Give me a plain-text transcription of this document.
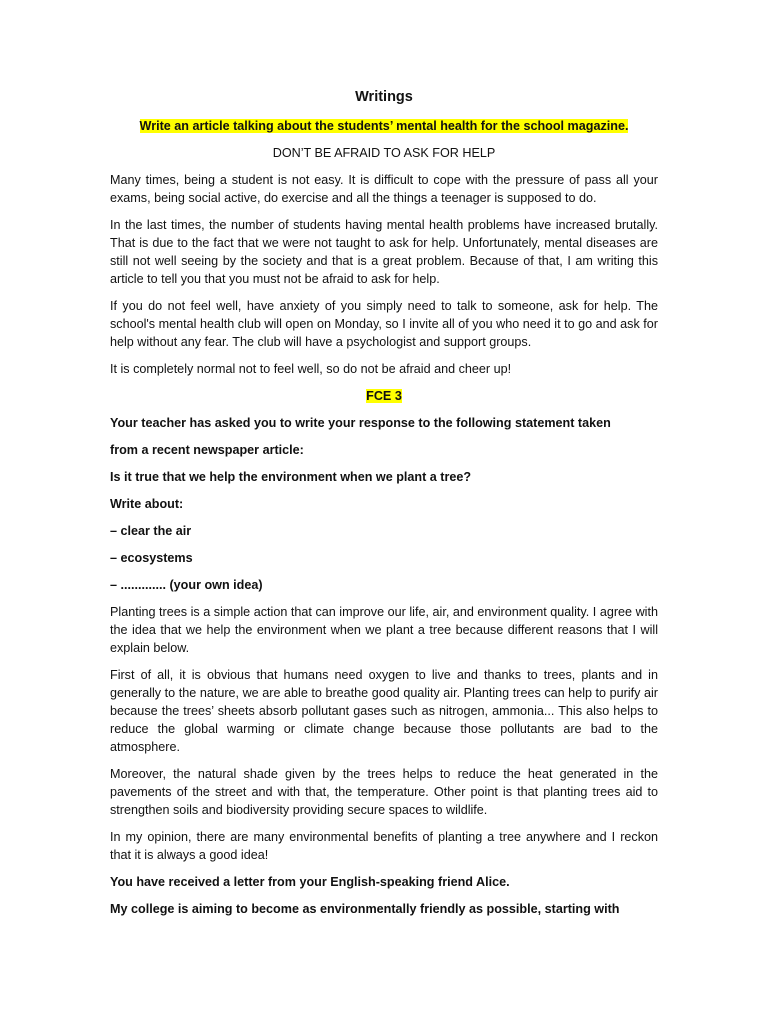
Writings

Write an article talking about the students’ mental health for the school magazine.

DON’T BE AFRAID TO ASK FOR HELP

Many times, being a student is not easy. It is difficult to cope with the pressure of pass all your exams, being social active, do exercise and all the things a teenager is supposed to do.

In the last times, the number of students having mental health problems have increased brutally. That is due to the fact that we were not taught to ask for help. Unfortunately, mental diseases are still not well seeing by the society and that is a great problem. Because of that, I am writing this article to tell you that you must not be afraid to ask for help.

If you do not feel well, have anxiety of you simply need to talk to someone, ask for help. The school's mental health club will open on Monday, so I invite all of you who need it to go and ask for help without any fear. The club will have a psychologist and support groups.

It is completely normal not to feel well, so do not be afraid and cheer up!

FCE 3

Your teacher has asked you to write your response to the following statement taken
from a recent newspaper article:
Is it true that we help the environment when we plant a tree?
Write about:
– clear the air
– ecosystems
– ............. (your own idea)

Planting trees is a simple action that can improve our life, air, and environment quality. I agree with the idea that we help the environment when we plant a tree because different reasons that I will explain below.

First of all, it is obvious that humans need oxygen to live and thanks to trees, plants and in generally to the nature, we are able to breathe good quality air. Planting trees can help to purify air because the trees’ sheets absorb pollutant gases such as nitrogen, ammonia... This also helps to reduce the global warming or climate change because those pollutants are bad to the atmosphere.

Moreover, the natural shade given by the trees helps to reduce the heat generated in the pavements of the street and with that, the temperature. Other point is that planting trees aid to strengthen soils and biodiversity providing secure spaces to wildlife.

In my opinion, there are many environmental benefits of planting a tree anywhere and I reckon that it is always a good idea!

You have received a letter from your English-speaking friend Alice.
My college is aiming to become as environmentally friendly as possible, starting with
